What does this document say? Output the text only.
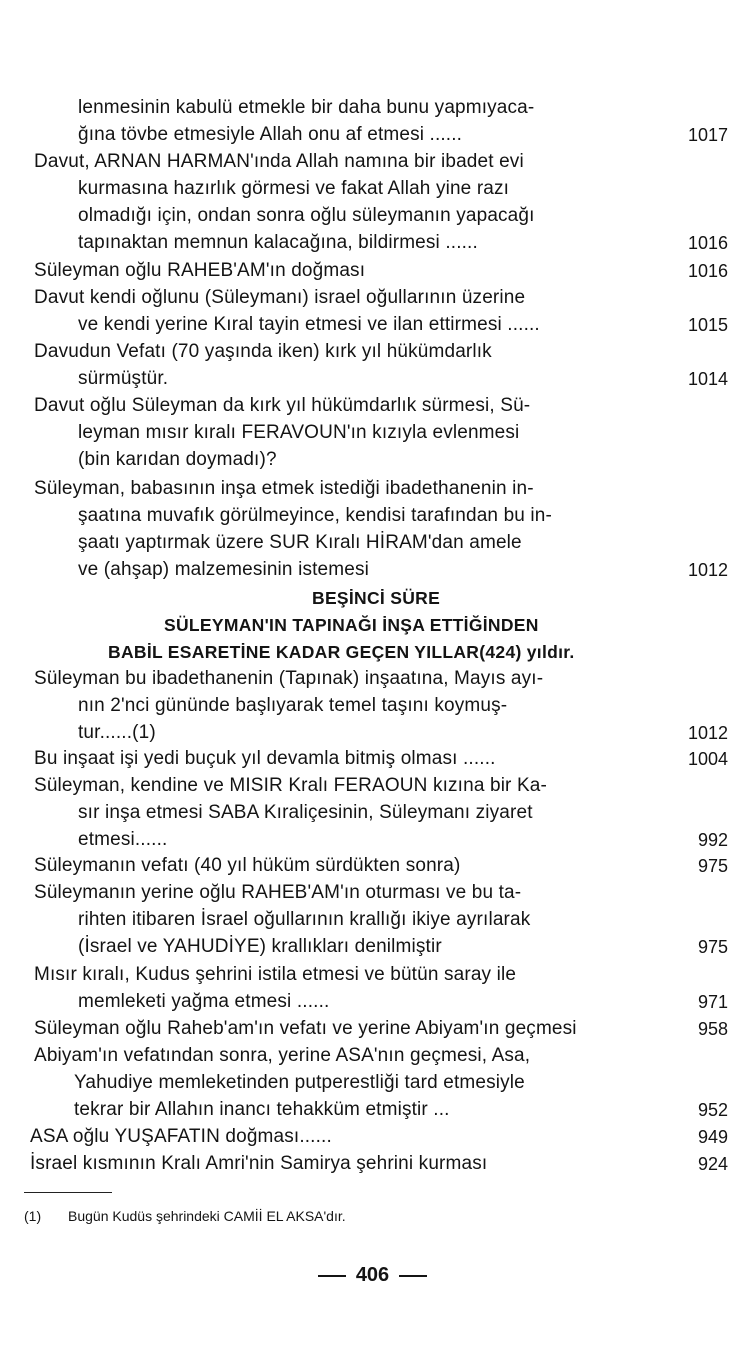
lenmesinin kabulü etmekle bir daha bunu yapmıyaca-
ğına tövbe etmesiyle Allah onu af etmesi ......	1017
Davut, ARNAN HARMAN'ında Allah namına bir ibadet evi
kurmasına hazırlık görmesi ve fakat Allah yine razı
olmadığı için, ondan sonra oğlu süleymanın yapacağı
tapınaktan memnun kalacağına, bildirmesi ......	1016
Süleyman oğlu RAHEB'AM'ın doğması	1016
Davut kendi oğlunu (Süleymanı) israel oğullarının üzerine
ve kendi yerine Kıral tayin etmesi ve ilan ettirmesi ......	1015
Davudun Vefatı (70 yaşında iken) kırk yıl hükümdarlık
sürmüştür.	1014
Davut oğlu Süleyman da kırk yıl hükümdarlık sürmesi, Sü-
leyman mısır kıralı FERAVOUN'ın kızıyla evlenmesi
(bin karıdan doymadı)?
Süleyman, babasının inşa etmek istediği ibadethanenin in-
şaatına muvafık görülmeyince, kendisi tarafından bu in-
şaatı yaptırmak üzere SUR Kıralı HİRAM'dan amele
ve (ahşap) malzemesinin istemesi	1012
Süleyman bu ibadethanenin (Tapınak) inşaatına, Mayıs ayı-
nın 2'nci gününde başlıyarak temel taşını koymuş-
tur......(1)	1012
Bu inşaat işi yedi buçuk yıl devamla bitmiş olması ......	1004
Süleyman, kendine ve MISIR Kralı FERAOUN kızına bir Ka-
sır inşa etmesi SABA Kıraliçesinin, Süleymanı ziyaret
etmesi......	992
Süleymanın vefatı (40 yıl hüküm sürdükten sonra)	975
Süleymanın yerine oğlu RAHEB'AM'ın oturması ve bu ta-
rihten itibaren İsrael oğullarının krallığı ikiye ayrılarak
(İsrael ve YAHUDİYE) krallıkları denilmiştir	975
Mısır kıralı, Kudus şehrini istila etmesi ve bütün saray ile
memleketi yağma etmesi ......	971
Süleyman oğlu Raheb'am'ın vefatı ve yerine Abiyam'ın geçmesi	958
Abiyam'ın vefatından sonra, yerine ASA'nın geçmesi, Asa,
Yahudiye memleketinden putperestliği tard etmesiyle
tekrar bir Allahın inancı tehakküm etmiştir ...	952
ASA oğlu YUŞAFATIN doğması......	949
İsrael kısmının Kralı Amri'nin Samirya şehrini kurması	924
BEŞİNCİ SÜRE
SÜLEYMAN'IN TAPINAĞI İNŞA ETTİĞİNDEN
BABİL ESARETİNE KADAR GEÇEN YILLAR(424) yıldır.
(1) Bugün Kudüs şehrindeki CAMİİ EL AKSA'dır.
406
